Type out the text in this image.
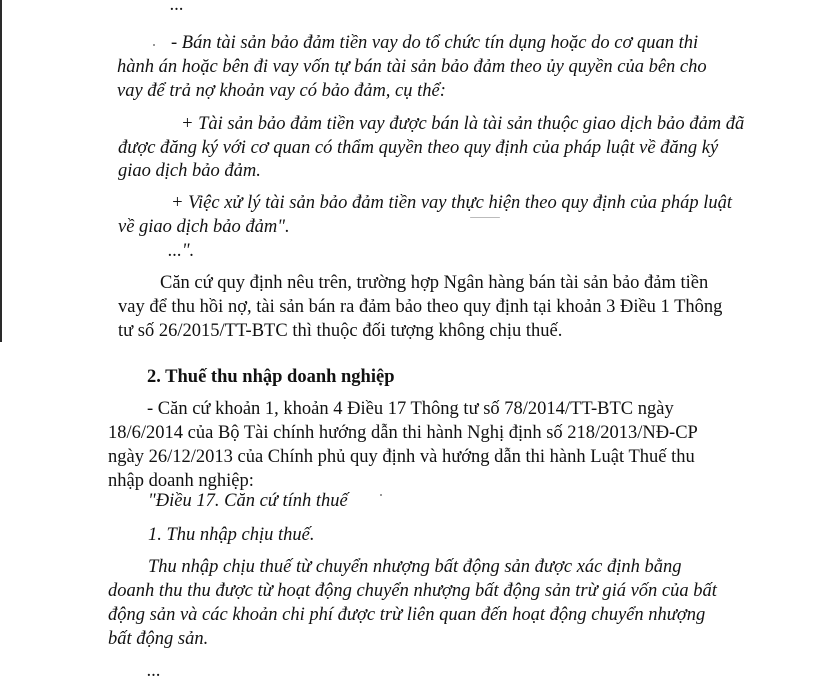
...

- Bán tài sản bảo đảm tiền vay do tổ chức tín dụng hoặc do cơ quan thi

hành án hoặc bên đi vay vốn tự bán tài sản bảo đảm theo ủy quyền của bên cho

vay để trả nợ khoản vay có bảo đảm, cụ thể:

+ Tài sản bảo đảm tiền vay được bán là tài sản thuộc giao dịch bảo đảm đã

được đăng ký với cơ quan có thẩm quyền theo quy định của pháp luật về đăng ký

giao dịch bảo đảm.

+ Việc xử lý tài sản bảo đảm tiền vay thực hiện theo quy định của pháp luật

về giao dịch bảo đảm".

...".

Căn cứ quy định nêu trên, trường hợp Ngân hàng bán tài sản bảo đảm tiền

vay để thu hồi nợ, tài sản bán ra đảm bảo theo quy định tại khoản 3 Điều 1 Thông

tư số 26/2015/TT-BTC thì thuộc đối tượng không chịu thuế.

2. Thuế thu nhập doanh nghiệp

- Căn cứ khoản 1, khoản 4 Điều 17 Thông tư số 78/2014/TT-BTC ngày

18/6/2014 của Bộ Tài chính hướng dẫn thi hành Nghị định số 218/2013/NĐ-CP

ngày 26/12/2013 của Chính phủ quy định và hướng dẫn thi hành Luật Thuế thu

nhập doanh nghiệp:

"Điều 17. Căn cứ tính thuế

1. Thu nhập chịu thuế.

Thu nhập chịu thuế từ chuyển nhượng bất động sản được xác định bằng

doanh thu thu được từ hoạt động chuyển nhượng bất động sản trừ giá vốn của bất

động sản và các khoản chi phí được trừ liên quan đến hoạt động chuyển nhượng

bất động sản.

...
